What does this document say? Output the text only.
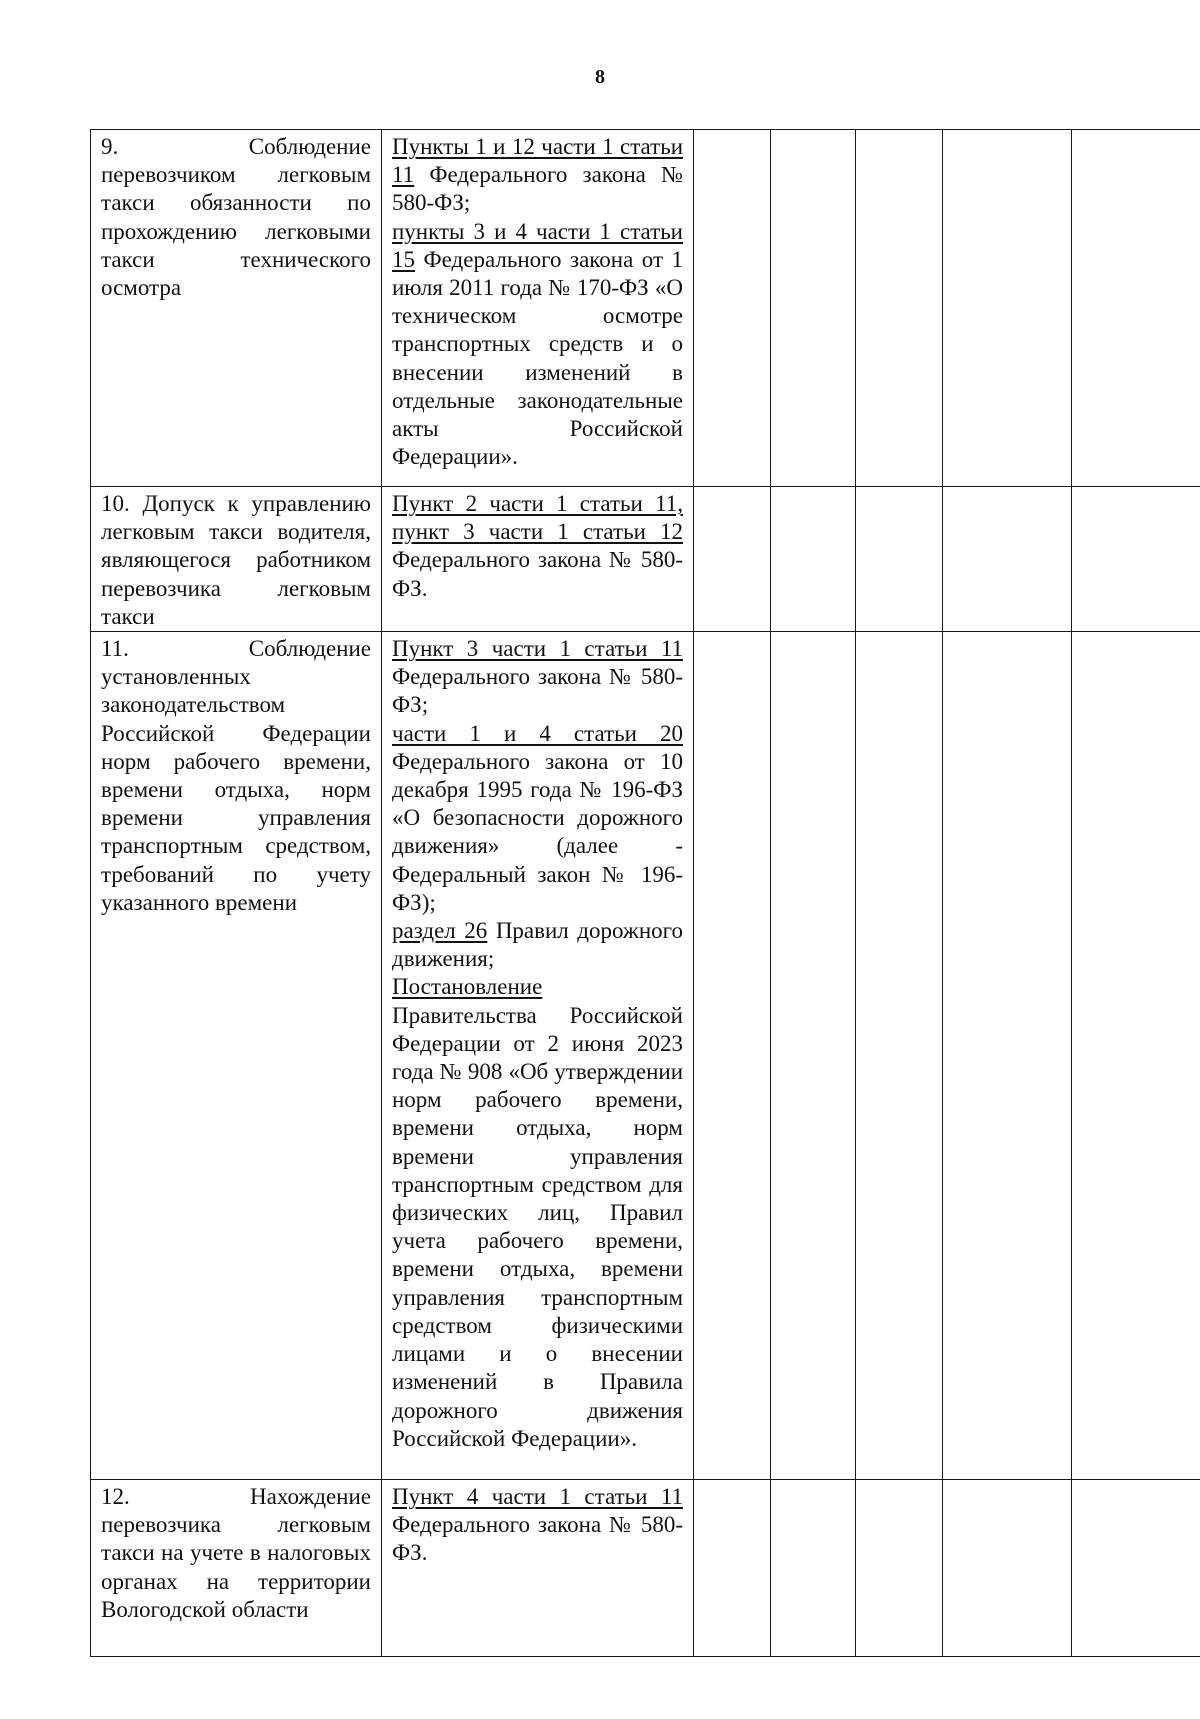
8
9. Соблюдение перевозчиком легковым такси обязанности по прохождению легковыми такси технического осмотра	Пункты 1 и 12 части 1 статьи 11 Федерального закона № 580-ФЗ;
пункты 3 и 4 части 1 статьи 15 Федерального закона от 1 июля 2011 года № 170-ФЗ «О техническом осмотре транспортных средств и о внесении изменений в отдельные законодательные акты Российской Федерации».					

10. Допуск к управлению легковым такси водителя, являющегося работником перевозчика легковым такси	Пункт 2 части 1 статьи 11, пункт 3 части 1 статьи 12 Федерального закона № 580-ФЗ.					

11. Соблюдение установленных законодательством Российской Федерации норм рабочего времени, времени отдыха, норм времени управления транспортным средством, требований по учету указанного времени	Пункт 3 части 1 статьи 11 Федерального закона № 580-ФЗ;
части 1 и 4 статьи 20 Федерального закона от 10 декабря 1995 года № 196-ФЗ «О безопасности дорожного движения» (далее - Федеральный закон № 196-ФЗ);
раздел 26 Правил дорожного движения;
Постановление Правительства Российской Федерации от 2 июня 2023 года № 908 «Об утверждении норм рабочего времени, времени отдыха, норм времени управления транспортным средством для физических лиц, Правил учета рабочего времени, времени отдыха, времени управления транспортным средством физическими лицами и о внесении изменений в Правила дорожного движения Российской Федерации».					

12. Нахождение перевозчика легковым такси на учете в налоговых органах на территории Вологодской области	Пункт 4 части 1 статьи 11 Федерального закона № 580-ФЗ.					
